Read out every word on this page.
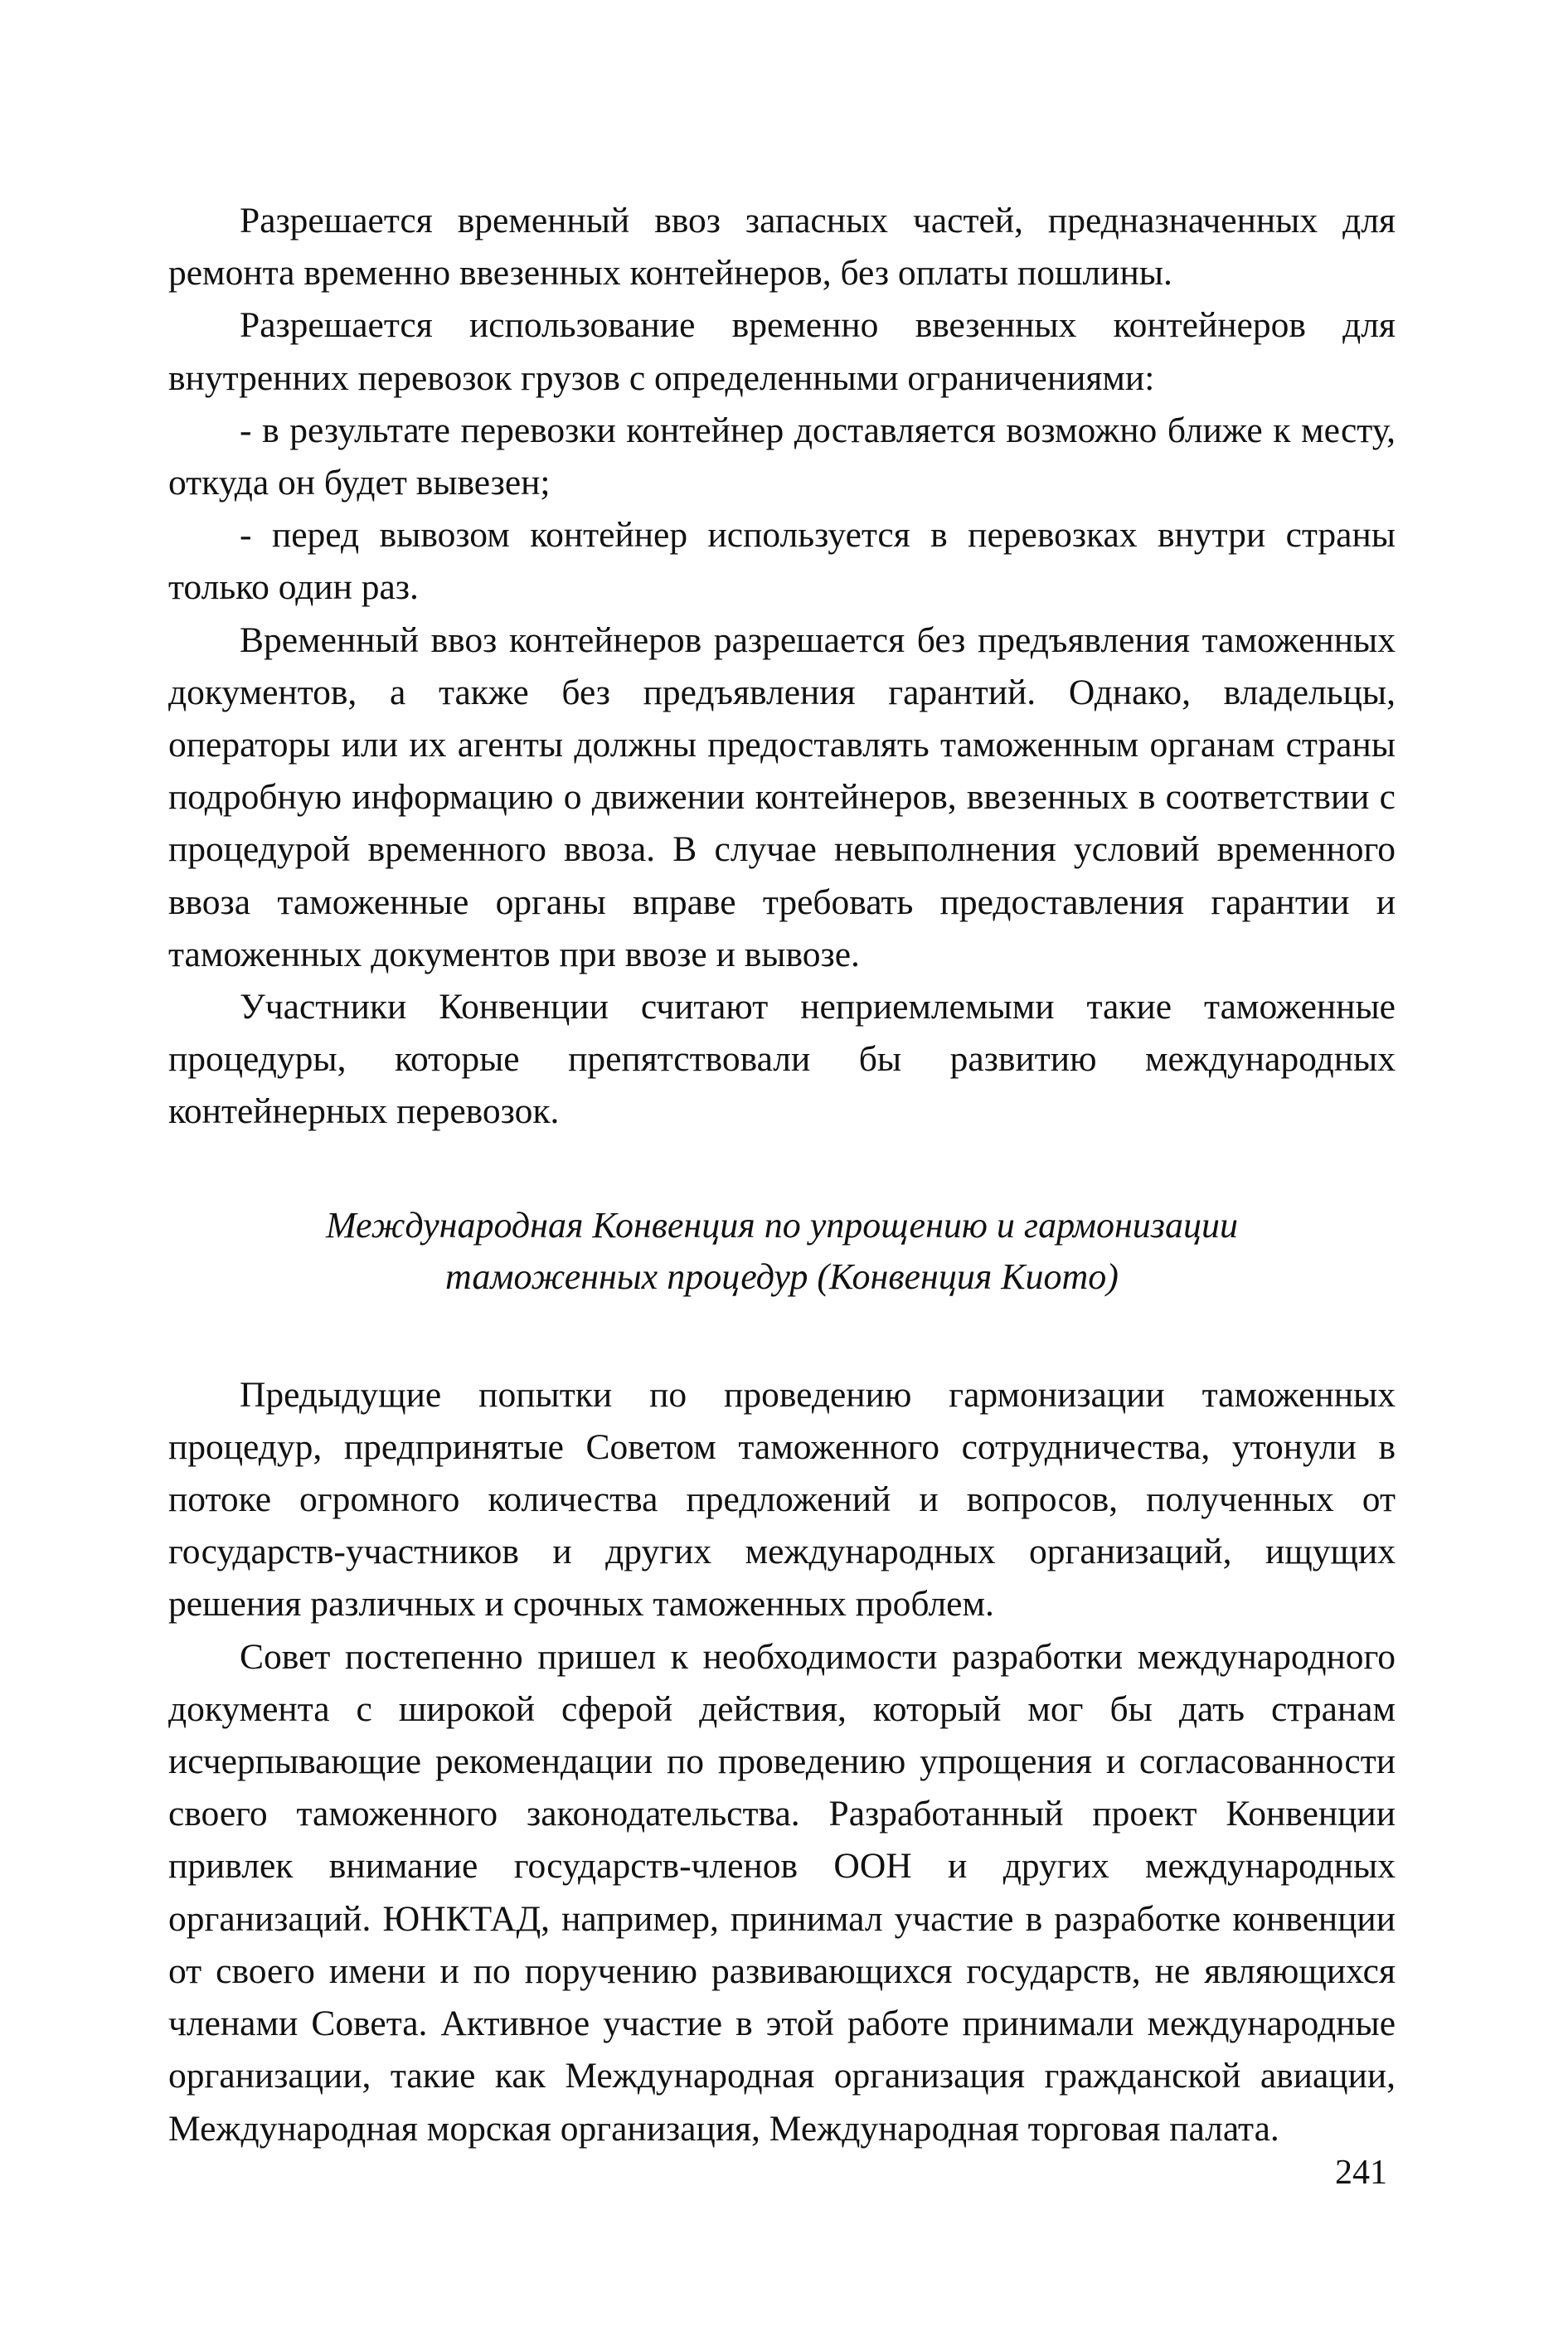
Разрешается временный ввоз запасных частей, предназначенных для ремонта временно ввезенных контейнеров, без оплаты пошлины.

Разрешается использование временно ввезенных контейнеров для внутренних перевозок грузов с определенными ограничениями:

- в результате перевозки контейнер доставляется возможно ближе к месту, откуда он будет вывезен;

- перед вывозом контейнер используется в перевозках внутри страны только один раз.

Временный ввоз контейнеров разрешается без предъявления таможенных документов, а также без предъявления гарантий. Однако, владельцы, операторы или их агенты должны предоставлять таможенным органам страны подробную информацию о движении контейнеров, ввезенных в соответствии с процедурой временного ввоза. В случае невыполнения условий временного ввоза таможенные органы вправе требовать предоставления гарантии и таможенных документов при ввозе и вывозе.

Участники Конвенции считают неприемлемыми такие таможенные процедуры, которые препятствовали бы развитию международных контейнерных перевозок.

Международная Конвенция по упрощению и гармонизации
таможенных процедур (Конвенция Киото)

Предыдущие попытки по проведению гармонизации таможенных процедур, предпринятые Советом таможенного сотрудничества, утонули в потоке огромного количества предложений и вопросов, полученных от государств-участников и других международных организаций, ищущих решения различных и срочных таможенных проблем.

Совет постепенно пришел к необходимости разработки международного документа с широкой сферой действия, который мог бы дать странам исчерпывающие рекомендации по проведению упрощения и согласованности своего таможенного законодательства. Разработанный проект Конвенции привлек внимание государств-членов ООН и других международных организаций. ЮНКТАД, например, принимал участие в разработке конвенции от своего имени и по поручению развивающихся государств, не являющихся членами Совета. Активное участие в этой работе принимали международные организации, такие как Международная организация гражданской авиации, Международная морская организация, Международная торговая палата.

241
